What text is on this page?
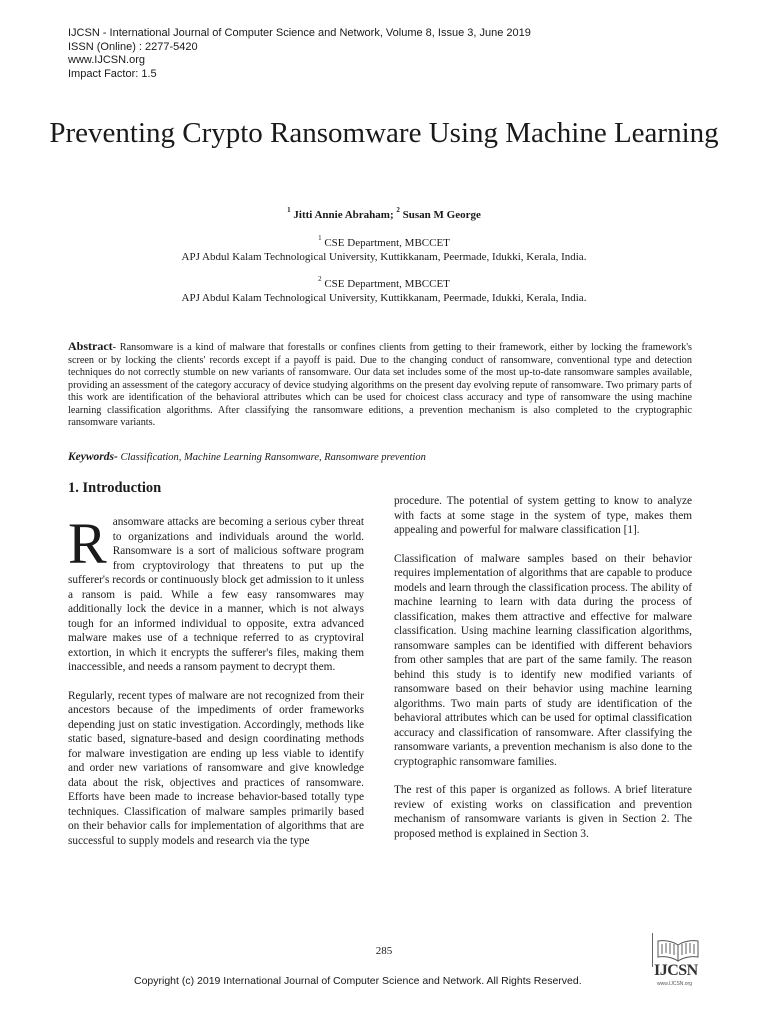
IJCSN - International Journal of Computer Science and Network, Volume 8, Issue 3, June 2019
ISSN (Online) : 2277-5420
www.IJCSN.org
Impact Factor: 1.5
Preventing Crypto Ransomware Using Machine Learning
$^1$ Jitti Annie Abraham; $^2$ Susan M George
$^1$ CSE Department, MBCCET
APJ Abdul Kalam Technological University, Kuttikkanam, Peermade, Idukki, Kerala, India.
$^2$ CSE Department, MBCCET
APJ Abdul Kalam Technological University, Kuttikkanam, Peermade, Idukki, Kerala, India.
Abstract- Ransomware is a kind of malware that forestalls or confines clients from getting to their framework, either by locking the framework's screen or by locking the clients' records except if a payoff is paid. Due to the changing conduct of ransomware, conventional type and detection techniques do not correctly stumble on new variants of ransomware. Our data set includes some of the most up-to-date ransomware samples available, providing an assessment of the category accuracy of device studying algorithms on the present day evolving repute of ransomware. Two primary parts of this work are identification of the behavioral attributes which can be used for choicest class accuracy and type of ransomware the using machine learning classification algorithms. After classifying the ransomware editions, a prevention mechanism is also completed to the cryptographic ransomware variants.
Keywords- Classification, Machine Learning Ransomware, Ransomware prevention
1. Introduction

Ransomware attacks are becoming a serious cyber threat to organizations and individuals around the world. Ransomware is a sort of malicious software program from cryptovirology that threatens to put up the sufferer's records or continuously block get admission to it unless a ransom is paid. While a few easy ransomwares may additionally lock the device in a manner, which is not always tough for an informed individual to opposite, extra advanced malware makes use of a technique referred to as cryptoviral extortion, in which it encrypts the sufferer's files, making them inaccessible, and needs a ransom payment to decrypt them.

Regularly, recent types of malware are not recognized from their ancestors because of the impediments of order frameworks depending just on static investigation. Accordingly, methods like static based, signature-based and design coordinating methods for malware investigation are ending up less viable to identify and order new variations of ransomware and give knowledge data about the risk, objectives and practices of ransomware. Efforts have been made to increase behavior-based totally type techniques. Classification of malware samples primarily based on their behavior calls for implementation of algorithms that are successful to supply models and research via the type

procedure. The potential of system getting to know to analyze with facts at some stage in the system of type, makes them appealing and powerful for malware classification [1].

Classification of malware samples based on their behavior requires implementation of algorithms that are capable to produce models and learn through the classification process. The ability of machine learning to learn with data during the process of classification, makes them attractive and effective for malware classification. Using machine learning classification algorithms, ransomware samples can be identified with different behaviors from other samples that are part of the same family. The reason behind this study is to identify new modified variants of ransomware based on their behavior using machine learning algorithms. Two main parts of study are identification of the behavioral attributes which can be used for optimal classification accuracy and classification of ransomware. After classifying the ransomware variants, a prevention mechanism is also done to the cryptographic ransomware families.

The rest of this paper is organized as follows. A brief literature review of existing works on classification and prevention mechanism of ransomware variants is given in Section 2. The proposed method is explained in Section 3.

285
Copyright (c) 2019 International Journal of Computer Science and Network. All Rights Reserved.
IJCSN
www.IJCSN.org
